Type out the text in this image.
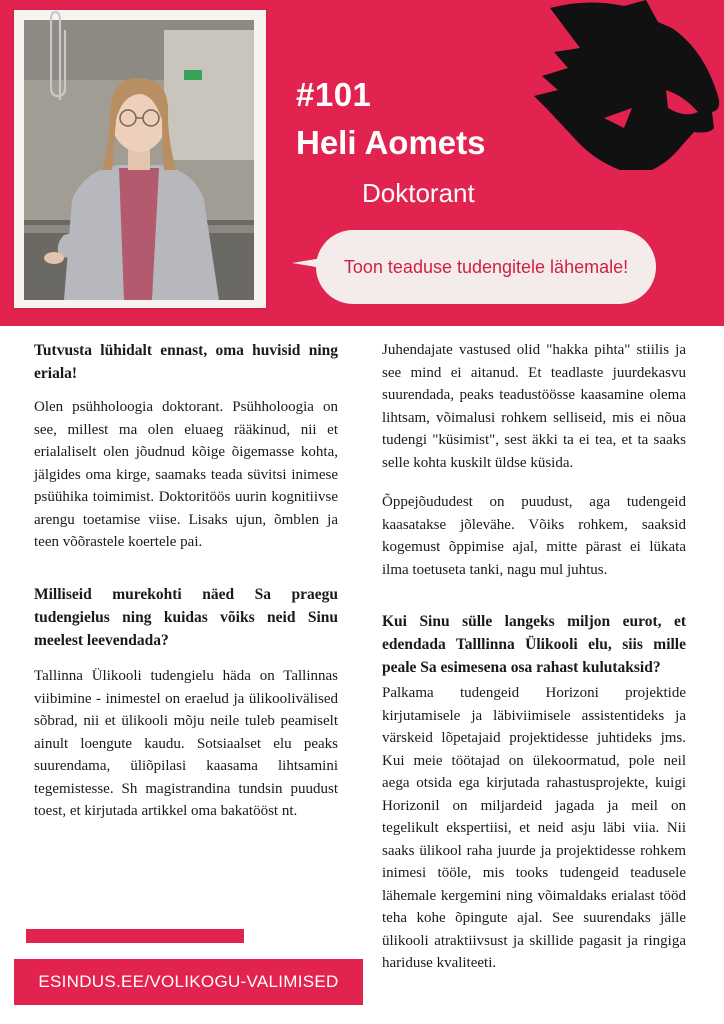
#101
Heli Aomets
Doktorant
Toon teaduse tudengitele lähemale!
Tutvusta lühidalt ennast, oma huvisid ning eriala!

Olen psühholoogia doktorant. Psühholoogia on see, millest ma olen eluaeg rääkinud, nii et erialaliselt olen jõudnud kõige õigemasse kohta, jälgides oma kirge, saamaks teada süvitsi inimese psüühika toimimist. Doktoritöös uurin kognitiivse arengu toetamise viise. Lisaks ujun, õmblen ja teen võõrastele koertele pai.

Milliseid murekohti näed Sa praegu tudengielus ning kuidas võiks neid Sinu meelest leevendada?

Tallinna Ülikooli tudengielu häda on Tallinnas viibimine - inimestel on eraelud ja ülikoolivälised sõbrad, nii et ülikooli mõju neile tuleb peamiselt ainult loengute kaudu. Sotsiaalset elu peaks suurendama, üliõpilasi kaasama lihtsamini tegemistesse. Sh magistrandina tundsin puudust toest, et kirjutada artikkel oma bakatööst nt.

Juhendajate vastused olid "hakka pihta" stiilis ja see mind ei aitanud. Et teadlaste juurdekasvu suurendada, peaks teadustöösse kaasamine olema lihtsam, võimalusi rohkem selliseid, mis ei nõua tudengi "küsimist", sest äkki ta ei tea, et ta saaks selle kohta kuskilt üldse küsida.

Õppejõududest on puudust, aga tudengeid kaasatakse jõlevähe. Võiks rohkem, saaksid kogemust õppimise ajal, mitte pärast ei lükata ilma toetuseta tanki, nagu mul juhtus.

Kui Sinu sülle langeks miljon eurot, et edendada Talllinna Ülikooli elu, siis mille peale Sa esimesena osa rahast kulutaksid?

Palkama tudengeid Horizoni projektide kirjutamisele ja läbiviimisele assistentideks ja värskeid lõpetajaid projektidesse juhtideks jms. Kui meie töötajad on ülekoormatud, pole neil aega otsida ega kirjutada rahastusprojekte, kuigi Horizonil on miljardeid jagada ja meil on tegelikult ekspertiisi, et neid asju läbi viia. Nii saaks ülikool raha juurde ja projektidesse rohkem inimesi tööle, mis tooks tudengeid teadusele lähemale kergemini ning võimaldaks erialast tööd teha kohe õpingute ajal. See suurendaks jälle ülikooli atraktiivsust ja skillide pagasit ja ringiga hariduse kvaliteeti.

ESINDUS.EE/VOLIKOGU-VALIMISED
